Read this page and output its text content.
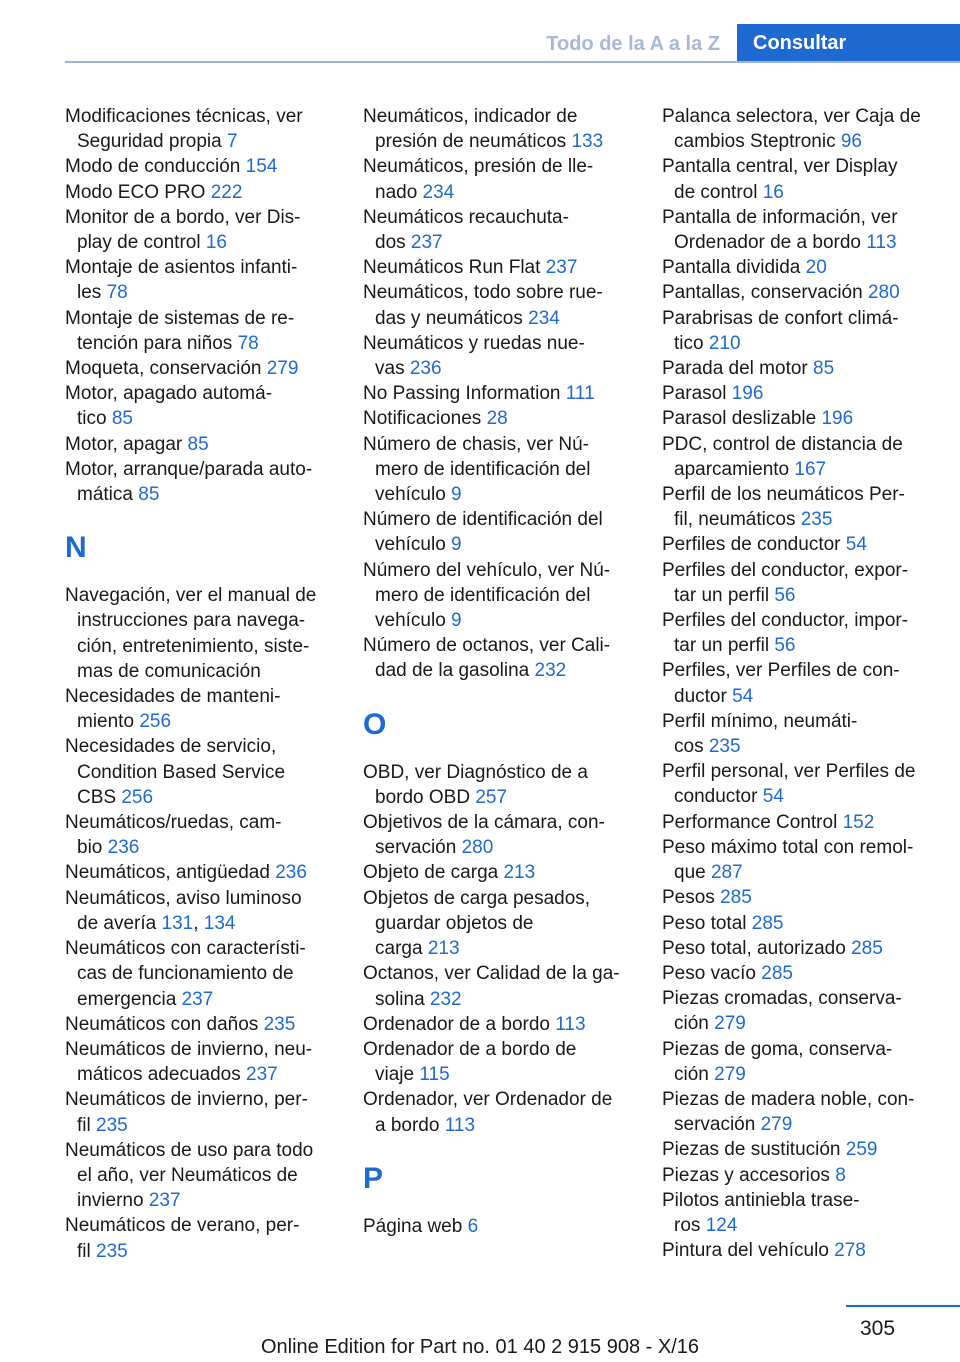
Todo de la A a la Z	Consultar
Modificaciones técnicas, ver
Seguridad propia 7
Modo de conducción 154
Modo ECO PRO 222
Monitor de a bordo, ver Dis-
play de control 16
Montaje de asientos infanti-
les 78
Montaje de sistemas de re-
tención para niños 78
Moqueta, conservación 279
Motor, apagado automá-
tico 85
Motor, apagar 85
Motor, arranque/parada auto-
mática 85
N
Navegación, ver el manual de
instrucciones para navega-
ción, entretenimiento, siste-
mas de comunicación
Necesidades de manteni-
miento 256
Necesidades de servicio,
Condition Based Service
CBS 256
Neumáticos/ruedas, cam-
bio 236
Neumáticos, antigüedad 236
Neumáticos, aviso luminoso
de avería 131, 134
Neumáticos con característi-
cas de funcionamiento de
emergencia 237
Neumáticos con daños 235
Neumáticos de invierno, neu-
máticos adecuados 237
Neumáticos de invierno, per-
fil 235
Neumáticos de uso para todo
el año, ver Neumáticos de
invierno 237
Neumáticos de verano, per-
fil 235
Neumáticos, indicador de
presión de neumáticos 133
Neumáticos, presión de lle-
nado 234
Neumáticos recauchuta-
dos 237
Neumáticos Run Flat 237
Neumáticos, todo sobre rue-
das y neumáticos 234
Neumáticos y ruedas nue-
vas 236
No Passing Information 111
Notificaciones 28
Número de chasis, ver Nú-
mero de identificación del
vehículo 9
Número de identificación del
vehículo 9
Número del vehículo, ver Nú-
mero de identificación del
vehículo 9
Número de octanos, ver Cali-
dad de la gasolina 232
O
OBD, ver Diagnóstico de a
bordo OBD 257
Objetivos de la cámara, con-
servación 280
Objeto de carga 213
Objetos de carga pesados,
guardar objetos de
carga 213
Octanos, ver Calidad de la ga-
solina 232
Ordenador de a bordo 113
Ordenador de a bordo de
viaje 115
Ordenador, ver Ordenador de
a bordo 113
P
Página web 6
Palanca selectora, ver Caja de
cambios Steptronic 96
Pantalla central, ver Display
de control 16
Pantalla de información, ver
Ordenador de a bordo 113
Pantalla dividida 20
Pantallas, conservación 280
Parabrisas de confort climá-
tico 210
Parada del motor 85
Parasol 196
Parasol deslizable 196
PDC, control de distancia de
aparcamiento 167
Perfil de los neumáticos Per-
fil, neumáticos 235
Perfiles de conductor 54
Perfiles del conductor, expor-
tar un perfil 56
Perfiles del conductor, impor-
tar un perfil 56
Perfiles, ver Perfiles de con-
ductor 54
Perfil mínimo, neumáti-
cos 235
Perfil personal, ver Perfiles de
conductor 54
Performance Control 152
Peso máximo total con remol-
que 287
Pesos 285
Peso total 285
Peso total, autorizado 285
Peso vacío 285
Piezas cromadas, conserva-
ción 279
Piezas de goma, conserva-
ción 279
Piezas de madera noble, con-
servación 279
Piezas de sustitución 259
Piezas y accesorios 8
Pilotos antiniebla trase-
ros 124
Pintura del vehículo 278
305
Online Edition for Part no. 01 40 2 915 908 - X/16
